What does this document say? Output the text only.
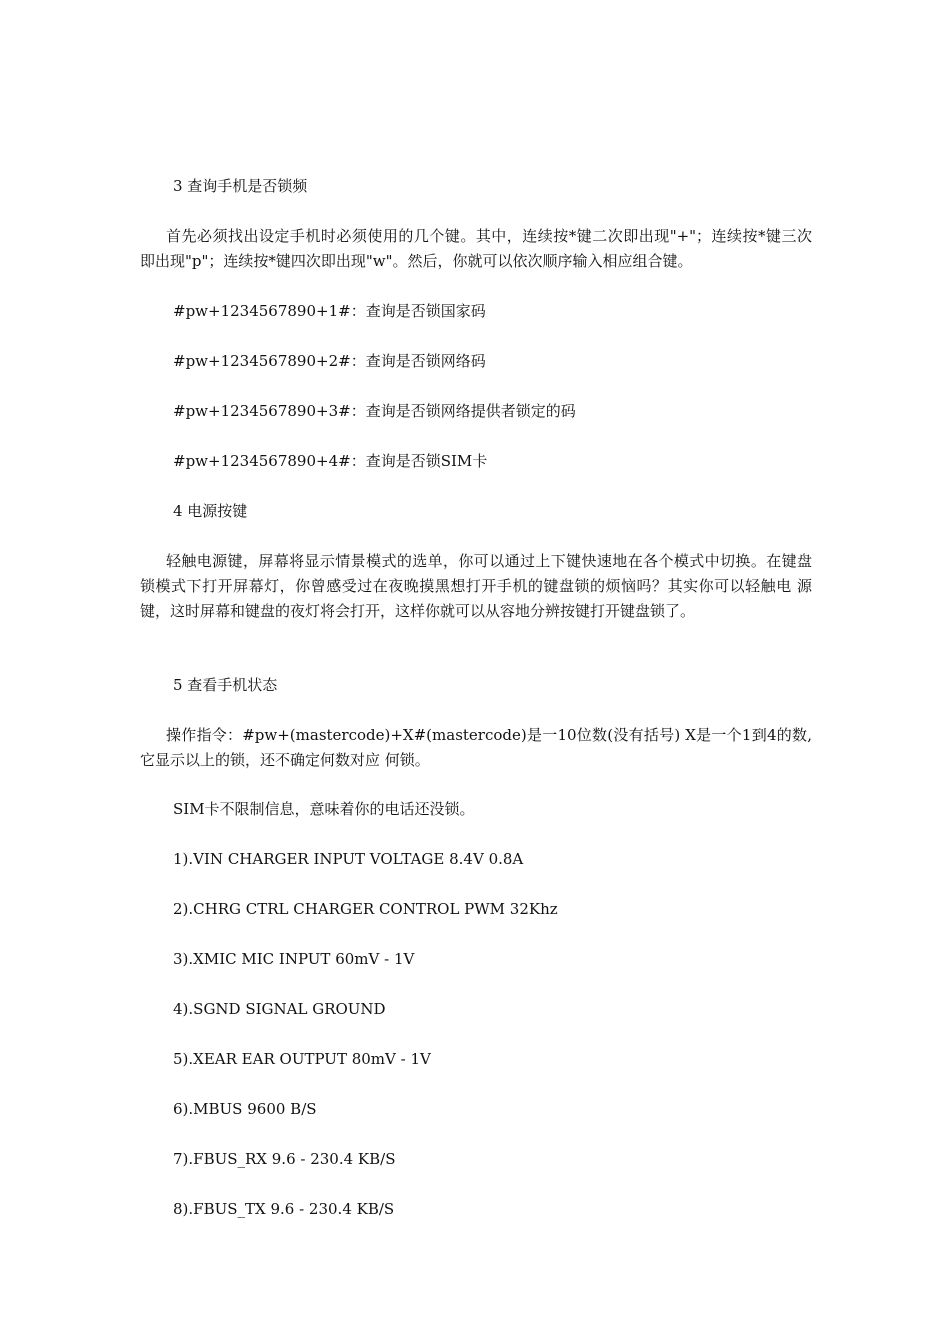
3 查询手机是否锁频
首先必须找出设定手机时必须使用的几个键。其中，连续按*键二次即出现"+"；连续按*键三次 即出现"p"；连续按*键四次即出现"w"。然后，你就可以依次顺序输入相应组合键。
#pw+1234567890+1#：查询是否锁国家码
#pw+1234567890+2#：查询是否锁网络码
#pw+1234567890+3#：查询是否锁网络提供者锁定的码
#pw+1234567890+4#：查询是否锁SIM卡
4 电源按键
轻触电源键，屏幕将显示情景模式的选单，你可以通过上下键快速地在各个模式中切换。在键盘 锁模式下打开屏幕灯，你曾感受过在夜晚摸黑想打开手机的键盘锁的烦恼吗？其实你可以轻触电 源键，这时屏幕和键盘的夜灯将会打开，这样你就可以从容地分辨按键打开键盘锁了。
5 查看手机状态
操作指令：#pw+(mastercode)+X#(mastercode)是一10位数(没有括号) X是一个1到4的数, 它显示以上的锁，还不确定何数对应 何锁。
SIM卡不限制信息，意味着你的电话还没锁。
1).VIN CHARGER INPUT VOLTAGE 8.4V 0.8A
2).CHRG CTRL CHARGER CONTROL PWM 32Khz
3).XMIC MIC INPUT 60mV - 1V
4).SGND SIGNAL GROUND
5).XEAR EAR OUTPUT 80mV - 1V
6).MBUS 9600 B/S
7).FBUS_RX 9.6 - 230.4 KB/S
8).FBUS_TX 9.6 - 230.4 KB/S
